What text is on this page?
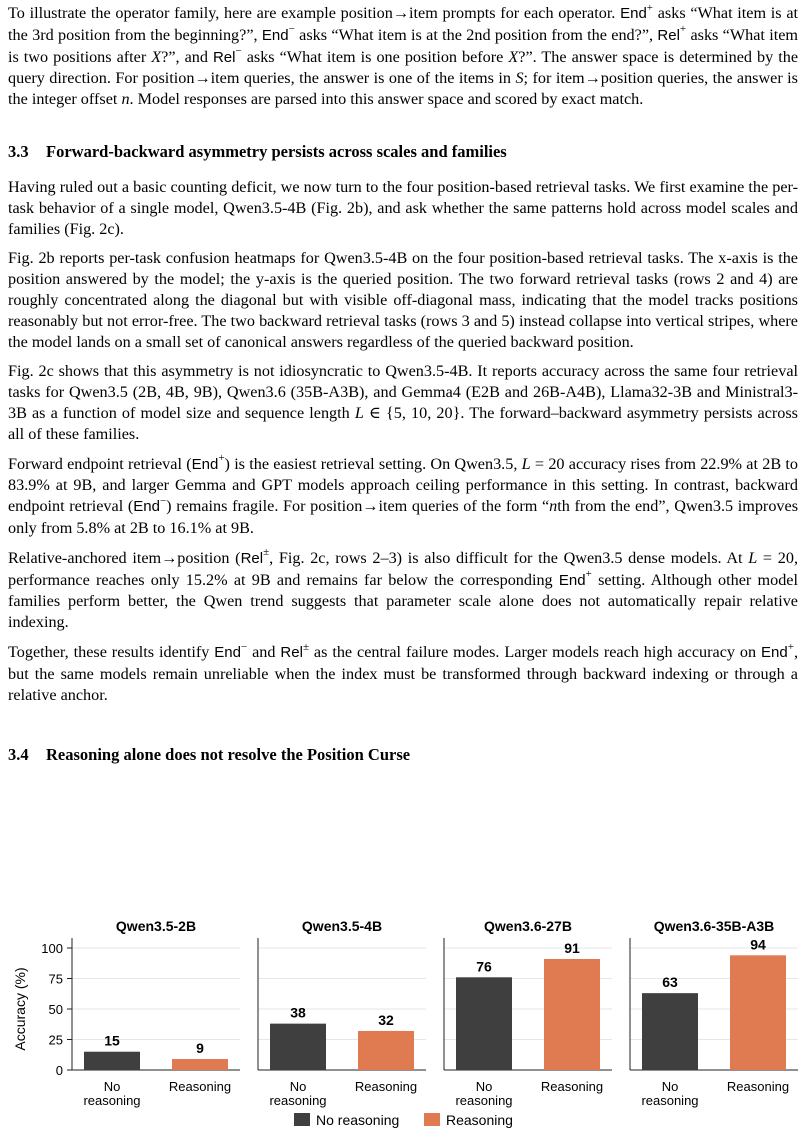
To illustrate the operator family, here are example position→item prompts for each operator. End+ asks “What item is at the 3rd position from the beginning?”, End− asks “What item is at the 2nd position from the end?”, Rel+ asks “What item is two positions after X?”, and Rel− asks “What item is one position before X?”. The answer space is determined by the query direction. For position→item queries, the answer is one of the items in S; for item→position queries, the answer is the integer offset n. Model responses are parsed into this answer space and scored by exact match.

3.3 Forward-backward asymmetry persists across scales and families

Having ruled out a basic counting deficit, we now turn to the four position-based retrieval tasks. We first examine the per-task behavior of a single model, Qwen3.5-4B (Fig. 2b), and ask whether the same patterns hold across model scales and families (Fig. 2c).

Fig. 2b reports per-task confusion heatmaps for Qwen3.5-4B on the four position-based retrieval tasks. The x-axis is the position answered by the model; the y-axis is the queried position. The two forward retrieval tasks (rows 2 and 4) are roughly concentrated along the diagonal but with visible off-diagonal mass, indicating that the model tracks positions reasonably but not error-free. The two backward retrieval tasks (rows 3 and 5) instead collapse into vertical stripes, where the model lands on a small set of canonical answers regardless of the queried backward position.

Fig. 2c shows that this asymmetry is not idiosyncratic to Qwen3.5-4B. It reports accuracy across the same four retrieval tasks for Qwen3.5 (2B, 4B, 9B), Qwen3.6 (35B-A3B), and Gemma4 (E2B and 26B-A4B), Llama32-3B and Ministral3-3B as a function of model size and sequence length L ∈ {5, 10, 20}. The forward–backward asymmetry persists across all of these families.

Forward endpoint retrieval (End+) is the easiest retrieval setting. On Qwen3.5, L = 20 accuracy rises from 22.9% at 2B to 83.9% at 9B, and larger Gemma and GPT models approach ceiling performance in this setting. In contrast, backward endpoint retrieval (End−) remains fragile. For position→item queries of the form “nth from the end”, Qwen3.5 improves only from 5.8% at 2B to 16.1% at 9B.

Relative-anchored item→position (Rel±, Fig. 2c, rows 2–3) is also difficult for the Qwen3.5 dense models. At L = 20, performance reaches only 15.2% at 9B and remains far below the corresponding End+ setting. Although other model families perform better, the Qwen trend suggests that parameter scale alone does not automatically repair relative indexing.

Together, these results identify End− and Rel± as the central failure modes. Larger models reach high accuracy on End+, but the same models remain unreliable when the index must be transformed through backward indexing or through a relative anchor.

3.4 Reasoning alone does not resolve the Position Curse
Accuracy (%)
Qwen3.5-2B
15	9
No
reasoning
Reasoning
Qwen3.5-4B
38	32
No
reasoning
Reasoning
Qwen3.6-27B
76
91
No
reasoning
Reasoning
Qwen3.6-35B-A3B
63
94
No
reasoning
Reasoning
0
25
50
75
100
No reasoning	Reasoning
